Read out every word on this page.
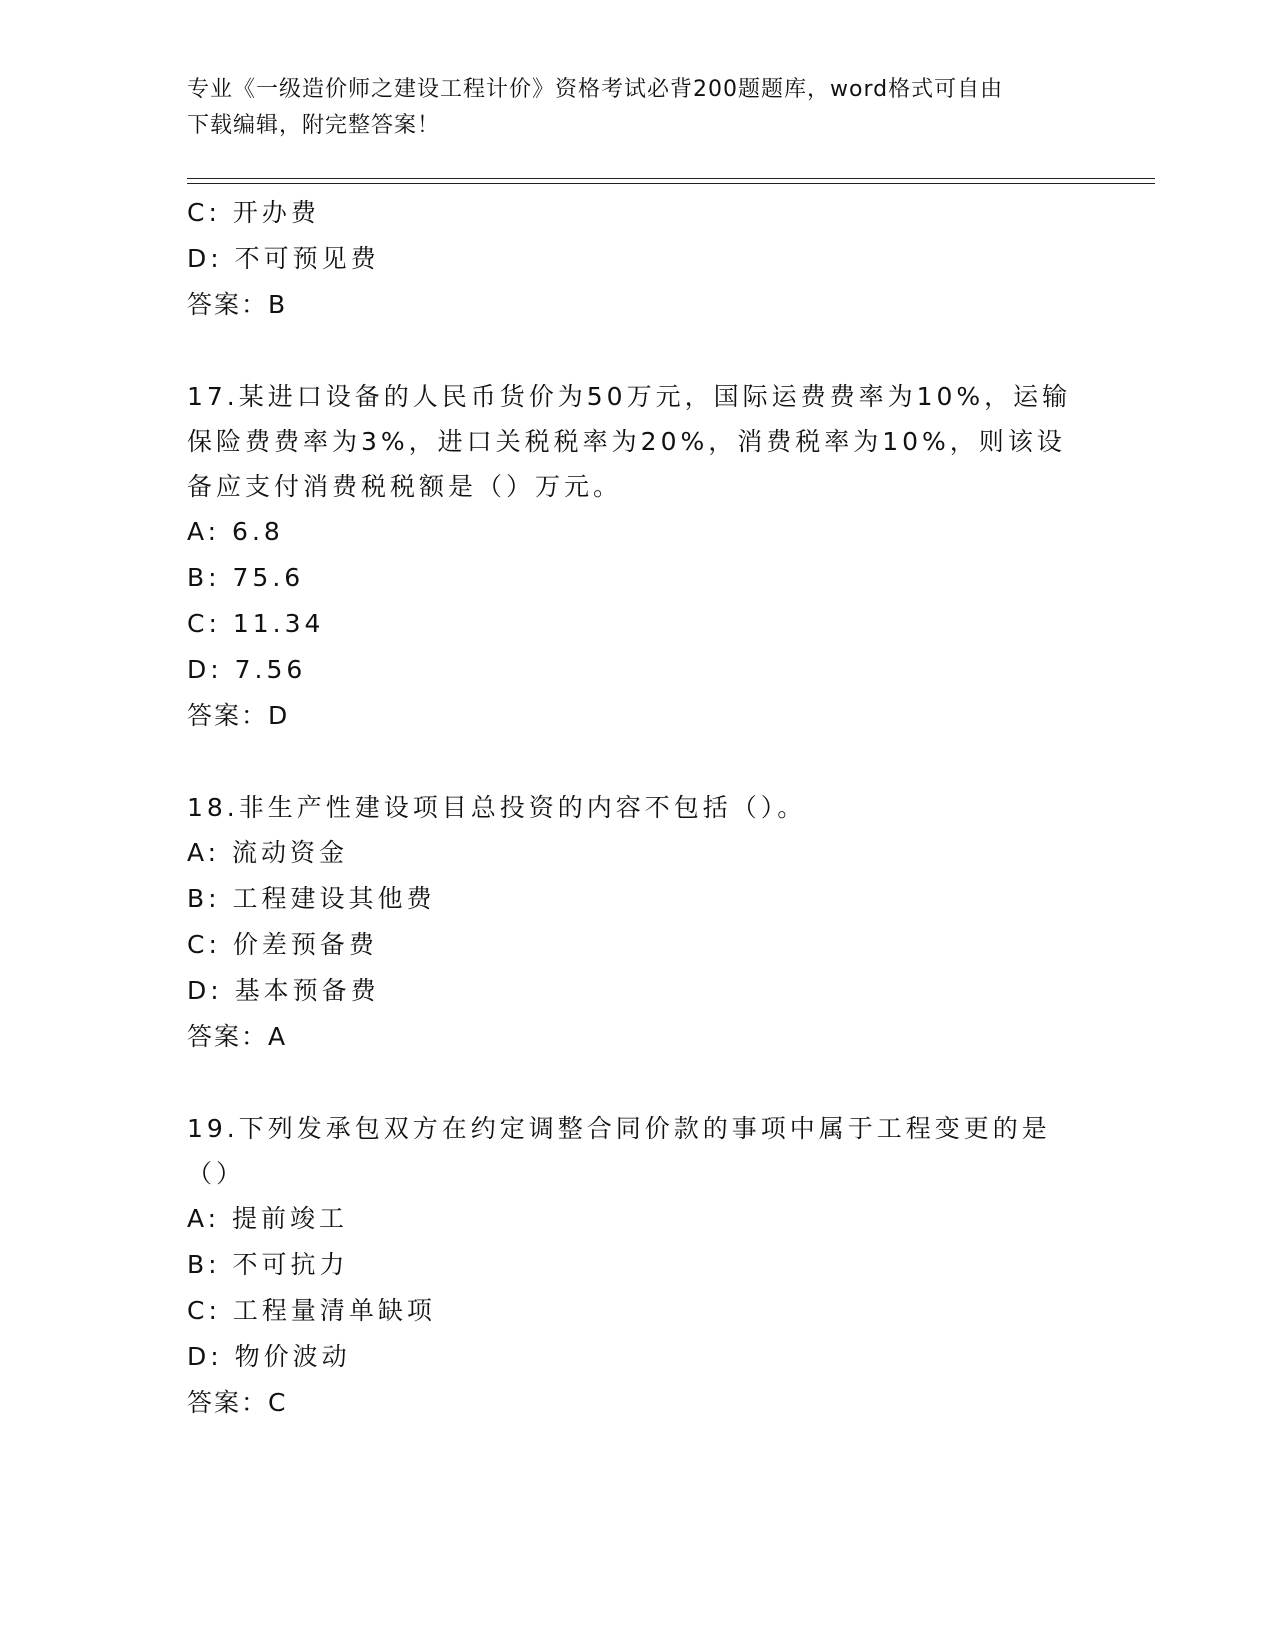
专业《一级造价师之建设工程计价》资格考试必背200题题库，word格式可自由
下载编辑，附完整答案！
C: 开办费
D: 不可预见费
答案：B
17.某进口设备的人民币货价为50万元，国际运费费率为10%，运输保险费费率为3%，进口关税税率为20%，消费税率为10%，则该设备应支付消费税税额是（）万元。
A: 6.8
B: 75.6
C: 11.34
D: 7.56
答案：D
18.非生产性建设项目总投资的内容不包括（）。
A: 流动资金
B: 工程建设其他费
C: 价差预备费
D: 基本预备费
答案：A
19.下列发承包双方在约定调整合同价款的事项中属于工程变更的是（）
A: 提前竣工
B: 不可抗力
C: 工程量清单缺项
D: 物价波动
答案：C
